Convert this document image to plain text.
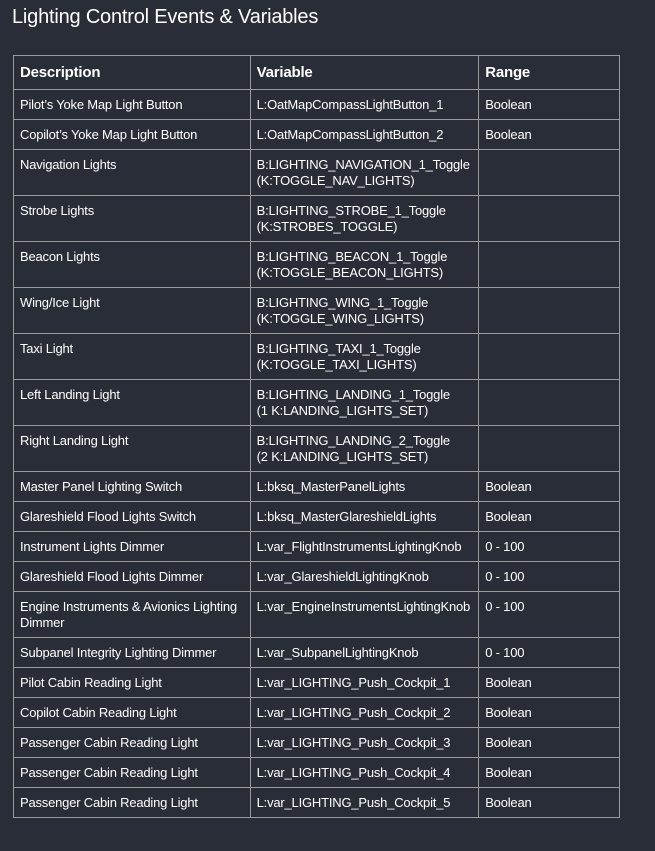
Lighting Control Events & Variables
Description	Variable	Range
Pilot’s Yoke Map Light Button	L:OatMapCompassLightButton_1	Boolean
Copilot’s Yoke Map Light Button	L:OatMapCompassLightButton_2	Boolean
Navigation Lights	B:LIGHTING_NAVIGATION_1_Toggle
(K:TOGGLE_NAV_LIGHTS)	
Strobe Lights	B:LIGHTING_STROBE_1_Toggle
(K:STROBES_TOGGLE)	
Beacon Lights	B:LIGHTING_BEACON_1_Toggle
(K:TOGGLE_BEACON_LIGHTS)	
Wing/Ice Light	B:LIGHTING_WING_1_Toggle
(K:TOGGLE_WING_LIGHTS)	
Taxi Light	B:LIGHTING_TAXI_1_Toggle
(K:TOGGLE_TAXI_LIGHTS)	
Left Landing Light	B:LIGHTING_LANDING_1_Toggle
(1 K:LANDING_LIGHTS_SET)	
Right Landing Light	B:LIGHTING_LANDING_2_Toggle
(2 K:LANDING_LIGHTS_SET)	
Master Panel Lighting Switch	L:bksq_MasterPanelLights	Boolean
Glareshield Flood Lights Switch	L:bksq_MasterGlareshieldLights	Boolean
Instrument Lights Dimmer	L:var_FlightInstrumentsLightingKnob	0 - 100
Glareshield Flood Lights Dimmer	L:var_GlareshieldLightingKnob	0 - 100
Engine Instruments & Avionics Lighting Dimmer	L:var_EngineInstrumentsLightingKnob	0 - 100
Subpanel Integrity Lighting Dimmer	L:var_SubpanelLightingKnob	0 - 100
Pilot Cabin Reading Light	L:var_LIGHTING_Push_Cockpit_1	Boolean
Copilot Cabin Reading Light	L:var_LIGHTING_Push_Cockpit_2	Boolean
Passenger Cabin Reading Light	L:var_LIGHTING_Push_Cockpit_3	Boolean
Passenger Cabin Reading Light	L:var_LIGHTING_Push_Cockpit_4	Boolean
Passenger Cabin Reading Light	L:var_LIGHTING_Push_Cockpit_5	Boolean
